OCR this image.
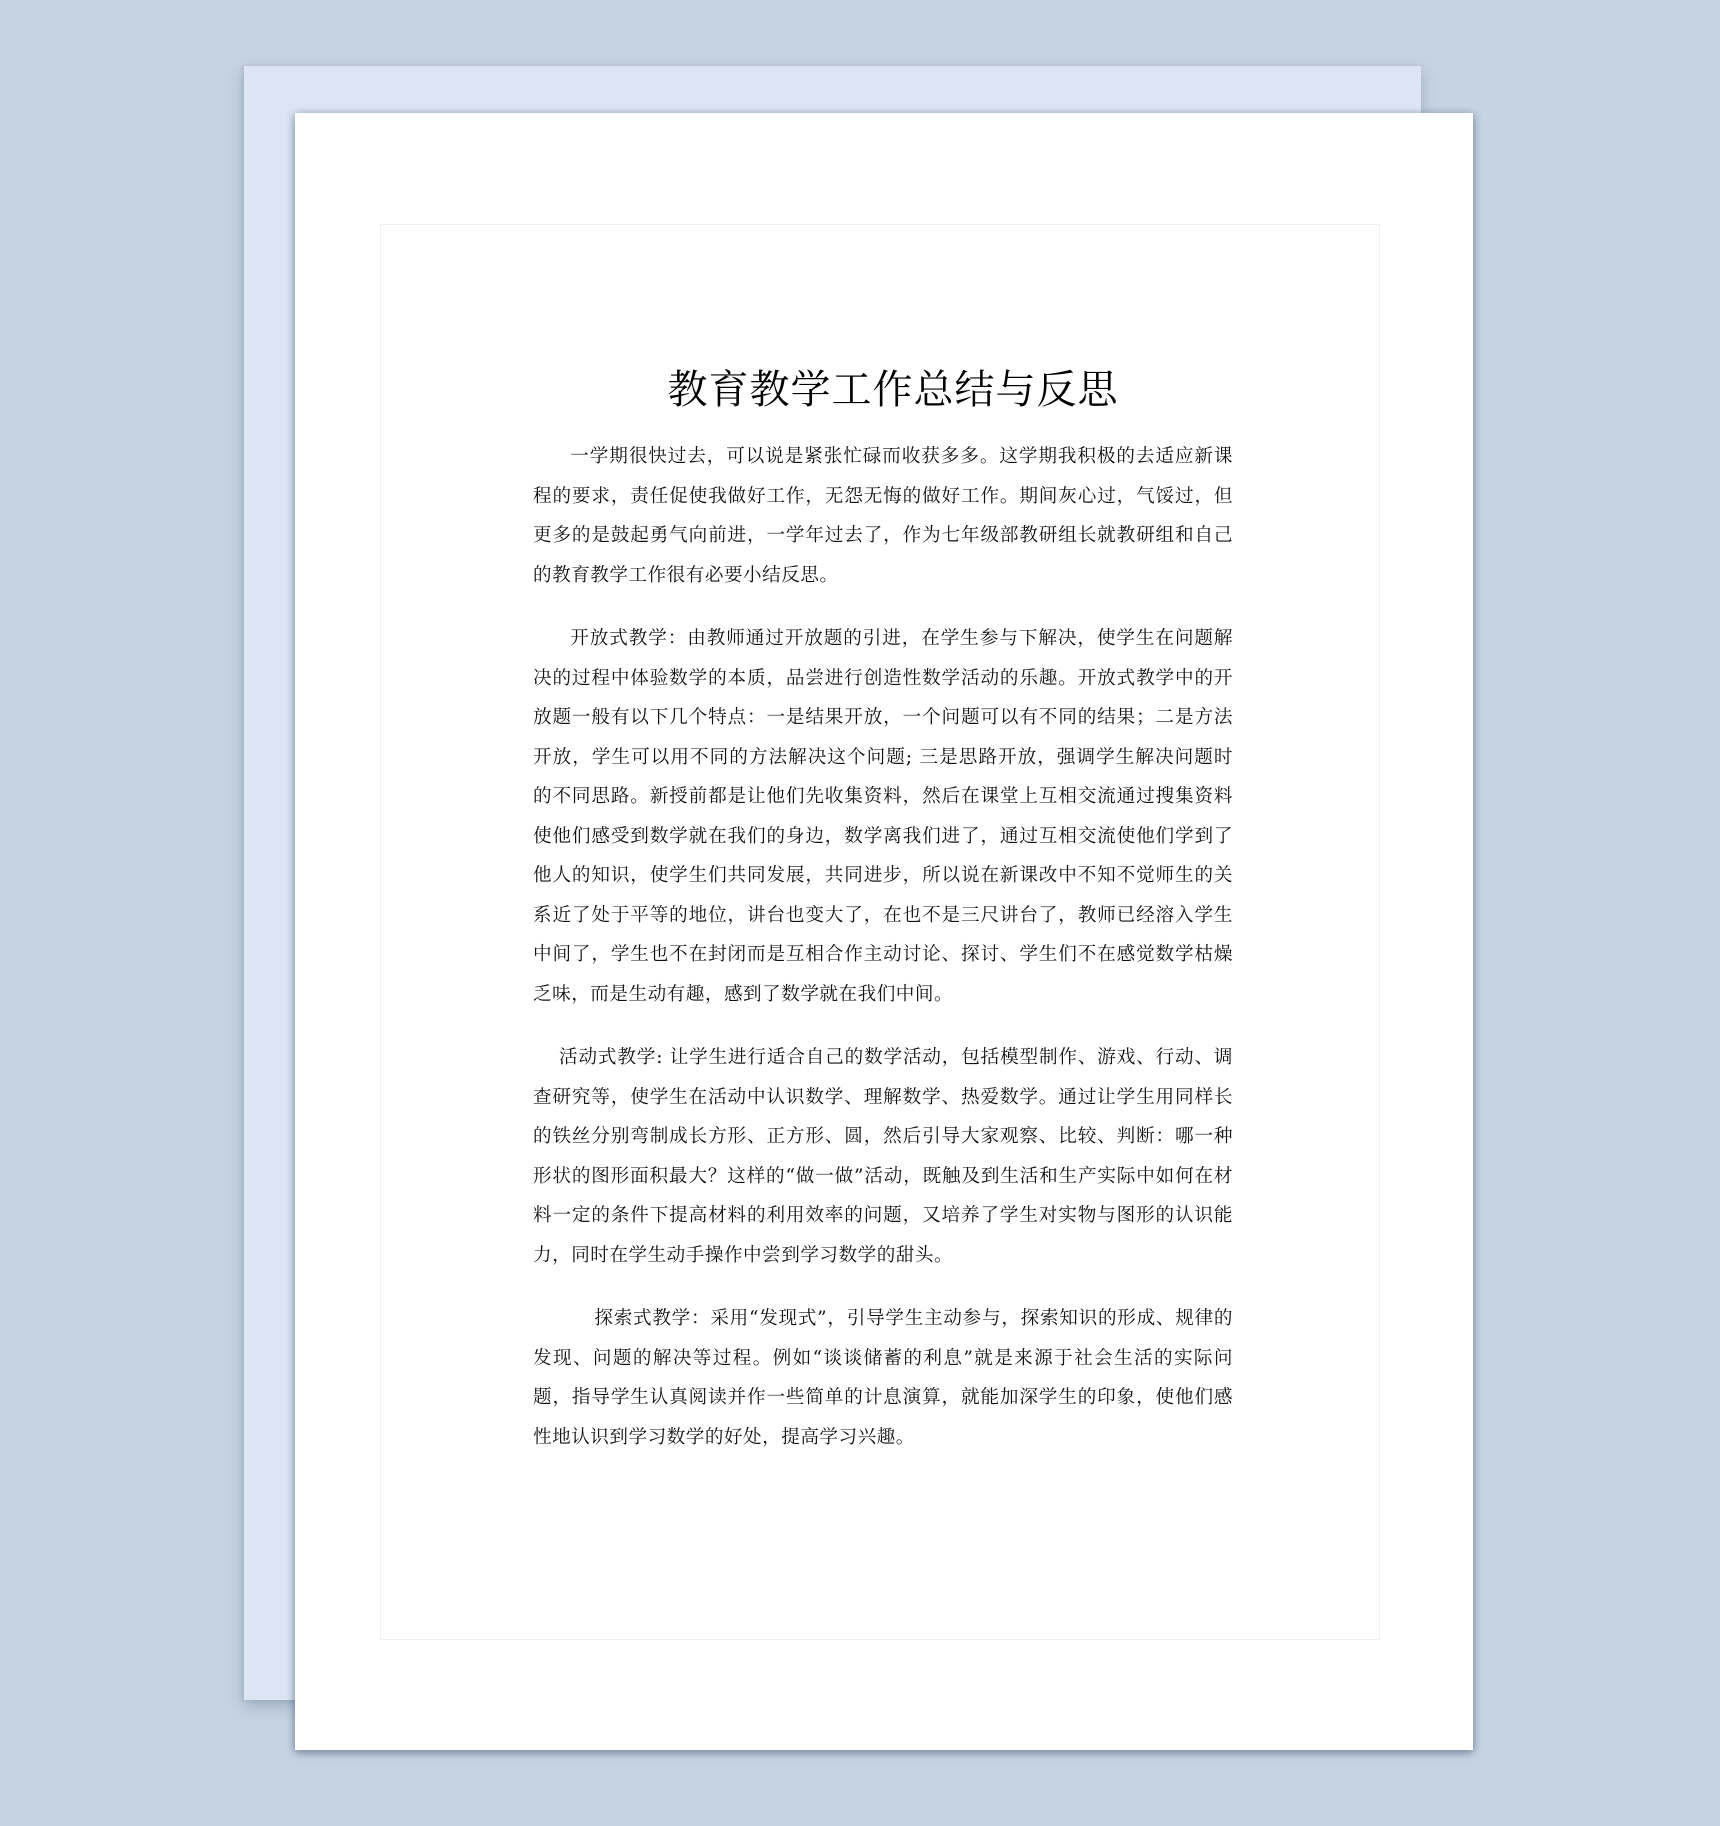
教育教学工作总结与反思

一学期很快过去，可以说是紧张忙碌而收获多多。这学期我积极的去适应新课程的要求，责任促使我做好工作，无怨无悔的做好工作。期间灰心过，气馁过，但更多的是鼓起勇气向前进，一学年过去了，作为七年级部教研组长就教研组和自己的教育教学工作很有必要小结反思。

开放式教学：由教师通过开放题的引进，在学生参与下解决，使学生在问题解决的过程中体验数学的本质，品尝进行创造性数学活动的乐趣。开放式教学中的开放题一般有以下几个特点：一是结果开放，一个问题可以有不同的结果；二是方法开放，学生可以用不同的方法解决这个问题; 三是思路开放，强调学生解决问题时的不同思路。新授前都是让他们先收集资料，然后在课堂上互相交流通过搜集资料使他们感受到数学就在我们的身边，数学离我们进了，通过互相交流使他们学到了他人的知识，使学生们共同发展，共同进步，所以说在新课改中不知不觉师生的关系近了处于平等的地位，讲台也变大了，在也不是三尺讲台了，教师已经溶入学生中间了，学生也不在封闭而是互相合作主动讨论、探讨、学生们不在感觉数学枯燥乏味，而是生动有趣，感到了数学就在我们中间。

活动式教学: 让学生进行适合自己的数学活动，包括模型制作、游戏、行动、调查研究等，使学生在活动中认识数学、理解数学、热爱数学。通过让学生用同样长的铁丝分别弯制成长方形、正方形、圆，然后引导大家观察、比较、判断：哪一种形状的图形面积最大？这样的“做一做”活动，既触及到生活和生产实际中如何在材料一定的条件下提高材料的利用效率的问题，又培养了学生对实物与图形的认识能力，同时在学生动手操作中尝到学习数学的甜头。

探索式教学：采用“发现式”，引导学生主动参与，探索知识的形成、规律的发现、问题的解决等过程。例如“谈谈储蓄的利息”就是来源于社会生活的实际问题，指导学生认真阅读并作一些简单的计息演算，就能加深学生的印象，使他们感性地认识到学习数学的好处，提高学习兴趣。
